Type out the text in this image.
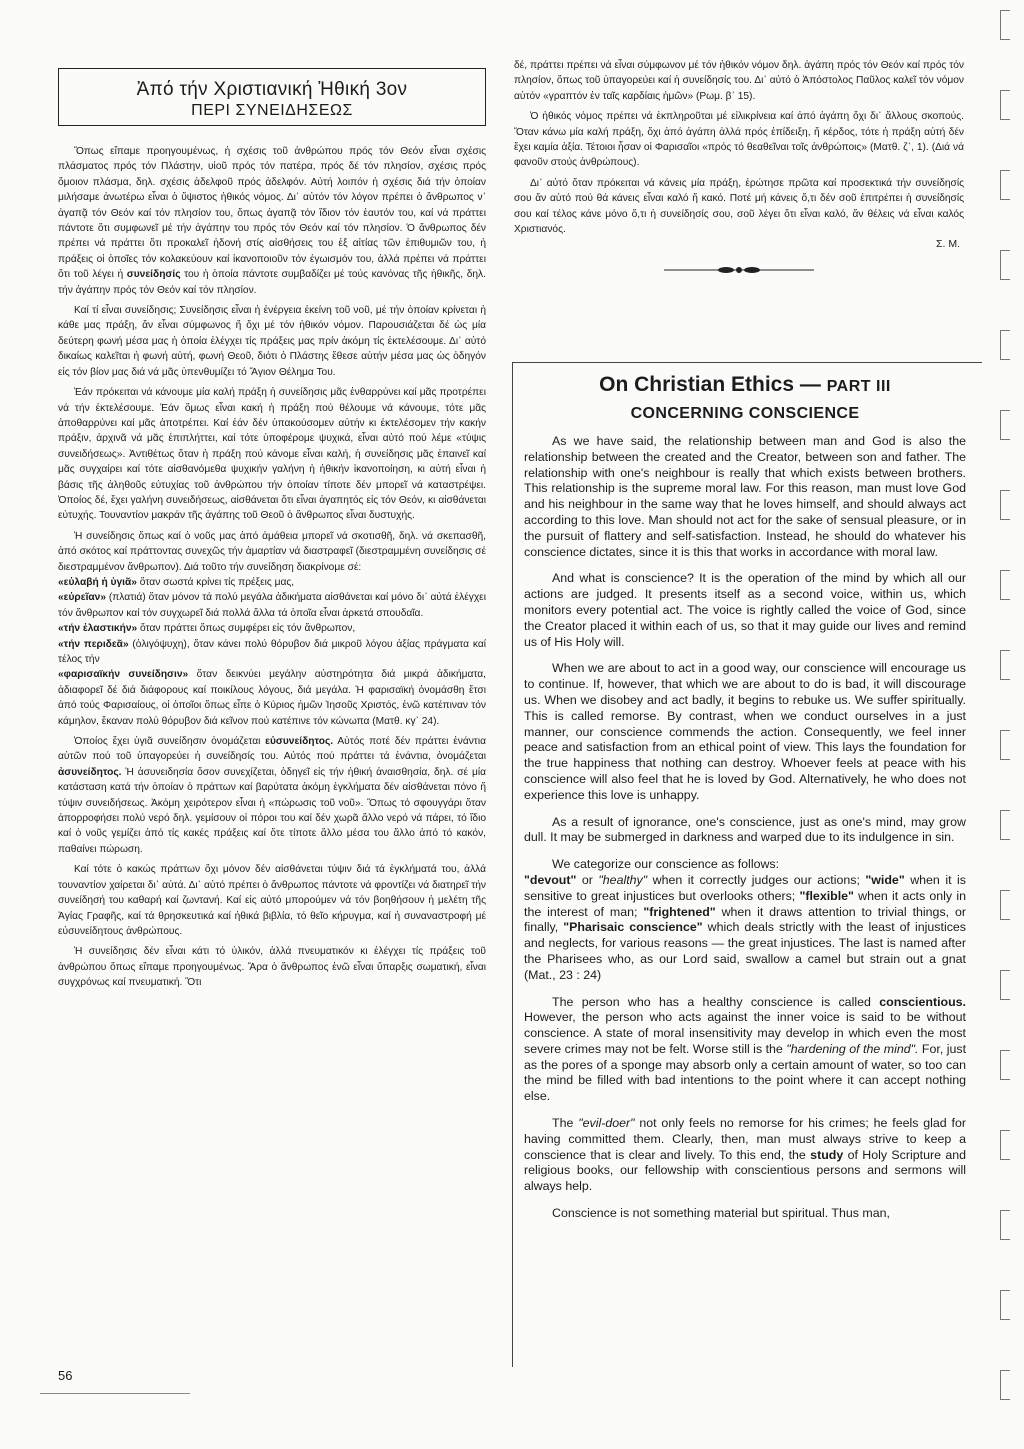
Ἀπό τήν Χριστιανική Ἠθική 3ον
ΠΕΡΙ ΣΥΝΕΙΔΗΣΕΩΣ

Ὅπως εἴπαμε προηγουμένως, ἡ σχέσις τοῦ ἀνθρώπου πρός τόν Θεόν εἶναι σχέσις πλάσματος πρός τόν Πλάστην, υἱοῦ πρός τόν πατέρα, πρός δέ τόν πλησίον, σχέσις πρός ὅμοιον πλάσμα, δηλ. σχέσις ἀδελφοῦ πρός ἀδελφόν. Αὐτή λοιπόν ἡ σχέσις διά τήν ὁποίαν μιλήσαμε ἀνωτέρω εἶναι ὁ ὕψιστος ἠθικός νόμος. Δι᾿ αὐτόν τόν λόγον πρέπει ὁ ἄνθρωπος ν᾿ ἀγαπᾷ τόν Θεόν καί τόν πλησίον του, ὅπως ἀγαπᾷ τόν ἴδιον τόν ἑαυτόν του, καί νά πράττει πάντοτε ὅτι συμφωνεῖ μέ τήν ἀγάπην του πρός τόν Θεόν καί τόν πλησίον. Ὁ ἄνθρωπος δέν πρέπει νά πράττει ὅτι προκαλεῖ ἡδονή στίς αἰσθήσεις του ἐξ αἰτίας τῶν ἐπιθυμιῶν του, ἡ πράξεις οἱ ὁποῖες τόν κολακεύουν καί ἱκανοποιοῦν τόν ἐγωισμόν του, ἀλλά πρέπει νά πράττει ὅτι τοῦ λέγει ἡ συνείδησίς του ἡ ὁποία πάντοτε συμβαδίζει μέ τούς κανόνας τῆς ἠθικῆς, δηλ. τήν ἀγάπην πρός τόν Θεόν καί τόν πλησίον.

Καί τί εἶναι συνείδησις; Συνείδησις εἶναι ἡ ἐνέργεια ἐκείνη τοῦ νοῦ, μέ τήν ὁποίαν κρίνεται ἡ κάθε μας πράξη, ἄν εἶναι σύμφωνος ἤ ὄχι μέ τόν ἠθικόν νόμον. Παρουσιάζεται δέ ὡς μία δεύτερη φωνή μέσα μας ἡ ὁποία ἐλέγχει τίς πράξεις μας πρίν ἀκόμη τίς ἐκτελέσουμε. Δι᾿ αὐτό δικαίως καλεῖται ἡ φωνή αὐτή, φωνή Θεοῦ, διότι ὁ Πλάστης ἔθεσε αὐτήν μέσα μας ὡς ὁδηγόν εἰς τόν βίον μας διά νά μᾶς ὑπενθυμίζει τό Ἅγιον Θέλημα Του.

Ἐάν πρόκειται νά κάνουμε μία καλή πράξη ἡ συνείδησις μᾶς ἐνθαρρύνει καί μᾶς προτρέπει νά τήν ἐκτελέσουμε. Ἐάν ὅμως εἶναι κακή ἡ πράξη πού θέλουμε νά κάνουμε, τότε μᾶς ἀποθαρρύνει καί μᾶς ἀποτρέπει. Καί ἐάν δέν ὑπακούσομεν αὐτήν κι ἐκτελέσομεν τήν κακήν πράξιν, ἀρχινᾶ νά μᾶς ἐπιπλήττει, καί τότε ὑποφέρομε ψυχικά, εἶναι αὐτό πού λέμε «τύψις συνειδήσεως». Ἀντιθέτως ὅταν ἡ πράξη πού κάνομε εἶναι καλή, ἡ συνείδησις μᾶς ἐπαινεῖ καί μᾶς συγχαίρει καί τότε αἰσθανόμεθα ψυχικήν γαλήνη ἡ ἠθικήν ἱκανοποίηση, κι αὐτή εἶναι ἡ βάσις τῆς ἀληθοῦς εὐτυχίας τοῦ ἀνθρώπου τήν ὁποίαν τίποτε δέν μπορεῖ νά καταστρέψει. Ὁποίος δέ, ἔχει γαλήνη συνειδήσεως, αἰσθάνεται ὅτι εἶναι ἀγαπητός εἰς τόν Θεόν, κι αἰσθάνεται εὐτυχής. Τουναντίον μακράν τῆς ἀγάπης τοῦ Θεοῦ ὁ ἄνθρωπος εἶναι δυστυχής.

Ἡ συνείδησις ὅπως καί ὁ νοῦς μας ἀπό ἀμάθεια μπορεῖ νά σκοτισθῆ, δηλ. νά σκεπασθῆ, ἀπό σκότος καί πράττοντας συνεχῶς τήν ἁμαρτίαν νά διαστραφεῖ (διεστραμμένη συνείδησις σέ διεστραμμένον ἄνθρωπον). Διά τοῦτο τήν συνείδηση διακρίνομε σέ:

«εὐλαβή ἡ ὑγιᾶ» ὅταν σωστά κρίνει τίς πρέξεις μας,

«εὐρεῖαν» (πλατιά) ὅταν μόνον τά πολύ μεγάλα ἀδικήματα αἰσθάνεται καί μόνο δι᾿ αὐτά ἐλέγχει τόν ἄνθρωπον καί τόν συγχωρεῖ διά πολλά ἄλλα τά ὁποῖα εἶναι ἀρκετά σπουδαῖα.

«τήν ἐλαστικήν» ὅταν πράττει ὅπως συμφέρει εἰς τόν ἄνθρωπον,

«τήν περιδεᾶ» (ὀλιγόψυχη), ὅταν κάνει πολύ θόρυβον διά μικροῦ λόγου ἀξίας πράγματα καί τέλος τήν

«φαρισαϊκήν συνείδησιν» ὅταν δεικνύει μεγάλην αὐστηρότητα διά μικρά ἀδικήματα, ἀδιαφορεῖ δέ διά διάφορους καί ποικίλους λόγους, διά μεγάλα. Ἡ φαρισαϊκή ὀνομάσθη ἔτσι ἀπό τούς Φαρισαίους, οἱ ὁποῖοι ὅπως εἶπε ὁ Κύριος ἡμῶν Ἰησοῦς Χριστός, ἐνῶ κατέπιναν τόν κάμηλον, ἔκαναν πολύ θόρυβον διά κεῖνον πού κατέπινε τόν κώνωπα (Ματθ. κγ᾿ 24).

Ὁποίος ἔχει ὑγιᾶ συνείδησιν ὀνομάζεται εὐσυνείδητος. Αὐτός ποτέ δέν πράττει ἐνάντια αὐτῶν πού τοῦ ὑπαγορεύει ἡ συνείδησίς του. Αὐτός πού πράττει τά ἐνάντια, ὀνομάζεται ἀσυνείδητος. Ἡ ἀσυνειδησία ὅσον συνεχίζεται, ὁδηγεῖ εἰς τήν ἠθική ἀναισθησία, δηλ. σέ μία κατάσταση κατά τήν ὁποίαν ὁ πράττων καί βαρύτατα ἀκόμη ἐγκλήματα δέν αἰσθάνεται πόνο ἤ τύψιν συνειδήσεως. Ἀκόμη χειρότερον εἶναι ἡ «πώρωσις τοῦ νοῦ». Ὅπως τό σφουγγάρι ὅταν ἀπορροφήσει πολύ νερό δηλ. γεμίσουν οἱ πόροι του καί δέν χωρᾶ ἄλλο νερό νά πάρει, τό ἴδιο καί ὁ νοῦς γεμίζει ἀπό τίς κακές πράξεις καί ὅτε τίποτε ἄλλο μέσα του ἄλλο ἀπό τό κακόν, παθαίνει πώρωση.

Καί τότε ὁ κακώς πράττων ὄχι μόνον δέν αἰσθάνεται τύψιν διά τά ἐγκλήματά του, ἀλλά τουναντίον χαίρεται δι᾿ αὐτά. Δι᾿ αὐτό πρέπει ὁ ἄνθρωπος πάντοτε νά φροντίζει νά διατηρεῖ τήν συνείδησή του καθαρή καί ζωντανή. Καί εἰς αὐτό μπορούμεν νά τόν βοηθήσουν ἡ μελέτη τῆς Ἁγίας Γραφῆς, καί τά θρησκευτικά καί ἠθικά βιβλία, τό θεῖο κήρυγμα, καί ἡ συναναστροφή μέ εὐσυνείδητους ἀνθρώπους.

Ἡ συνείδησις δέν εἶναι κάτι τό ὑλικόν, ἀλλά πνευματικόν κι ἐλέγχει τίς πράξεις τοῦ ἀνθρώπου ὅπως εἴπαμε προηγουμένως. Ἄρα ὁ ἄνθρωπος ἐνῶ εἶναι ὕπαρξις σωματική, εἶναι συγχρόνως καί πνευματική. Ὅτι

56

δέ, πράττει πρέπει νά εἶναι σύμφωνον μέ τόν ἠθικόν νόμον δηλ. ἀγάπη πρός τόν Θεόν καί πρός τόν πλησίον, ὅπως τοῦ ὑπαγορεύει καί ἡ συνείδησίς του. Δι᾿ αὐτό ὁ Ἀπόστολος Παῦλος καλεῖ τόν νόμον αὐτόν «γραπτόν ἐν ταῖς καρδίαις ἡμῶν» (Ρωμ. β᾿ 15).

Ὁ ἠθικός νόμος πρέπει νά ἐκπληροῦται μέ εἰλικρίνεια καί ἀπό ἀγάπη ὄχι δι᾿ ἄλλους σκοπούς. Ὅταν κάνω μία καλή πράξη, ὄχι ἀπό ἀγάπη ἀλλά πρός ἐπίδειξη, ἤ κέρδος, τότε ἡ πράξη αὐτή δέν ἔχει καμία ἀξία. Τέτοιοι ἦσαν οἱ Φαρισαῖοι «πρός τό θεαθεῖναι τοῖς ἀνθρώποις» (Ματθ. ζ᾿, 1). (Διά νά φανοῦν στούς ἀνθρώπους).

Δι᾿ αὐτό ὅταν πρόκειται νά κάνεις μία πράξη, ἐρώτησε πρῶτα καί προσεκτικά τήν συνείδησίς σου ἄν αὐτό πού θά κάνεις εἶναι καλό ἤ κακό. Ποτέ μή κάνεις ὅ,τι δέν σοῦ ἐπιτρέπει ἡ συνείδησίς σου καί τέλος κάνε μόνο ὅ,τι ἡ συνείδησίς σου, σοῦ λέγει ὅτι εἶναι καλό, ἄν θέλεις νά εἶναι καλός Χριστιανός.

Σ. Μ.

On Christian Ethics — PART III

CONCERNING CONSCIENCE

As we have said, the relationship between man and God is also the relationship between the created and the Creator, between son and father. The relationship with one's neighbour is really that which exists between brothers. This relationship is the supreme moral law. For this reason, man must love God and his neighbour in the same way that he loves himself, and should always act according to this love. Man should not act for the sake of sensual pleasure, or in the pursuit of flattery and self-satisfaction. Instead, he should do whatever his conscience dictates, since it is this that works in accordance with moral law.

And what is conscience? It is the operation of the mind by which all our actions are judged. It presents itself as a second voice, within us, which monitors every potential act. The voice is rightly called the voice of God, since the Creator placed it within each of us, so that it may guide our lives and remind us of His Holy will.

When we are about to act in a good way, our conscience will encourage us to continue. If, however, that which we are about to do is bad, it will discourage us. When we disobey and act badly, it begins to rebuke us. We suffer spiritually. This is called remorse. By contrast, when we conduct ourselves in a just manner, our conscience commends the action. Consequently, we feel inner peace and satisfaction from an ethical point of view. This lays the foundation for the true happiness that nothing can destroy. Whoever feels at peace with his conscience will also feel that he is loved by God. Alternatively, he who does not experience this love is unhappy.

As a result of ignorance, one's conscience, just as one's mind, may grow dull. It may be submerged in darkness and warped due to its indulgence in sin.

We categorize our conscience as follows:
"devout" or "healthy" when it correctly judges our actions; "wide" when it is sensitive to great injustices but overlooks others; "flexible" when it acts only in the interest of man; "frightened" when it draws attention to trivial things, or finally, "Pharisaic conscience" which deals strictly with the least of injustices and neglects, for various reasons — the great injustices. The last is named after the Pharisees who, as our Lord said, swallow a camel but strain out a gnat (Mat., 23 : 24)

The person who has a healthy conscience is called conscientious. However, the person who acts against the inner voice is said to be without conscience. A state of moral insensitivity may develop in which even the most severe crimes may not be felt. Worse still is the "hardening of the mind". For, just as the pores of a sponge may absorb only a certain amount of water, so too can the mind be filled with bad intentions to the point where it can accept nothing else.

The "evil-doer" not only feels no remorse for his crimes; he feels glad for having committed them. Clearly, then, man must always strive to keep a conscience that is clear and lively. To this end, the study of Holy Scripture and religious books, our fellowship with conscientious persons and sermons will always help.

Conscience is not something material but spiritual. Thus man,
